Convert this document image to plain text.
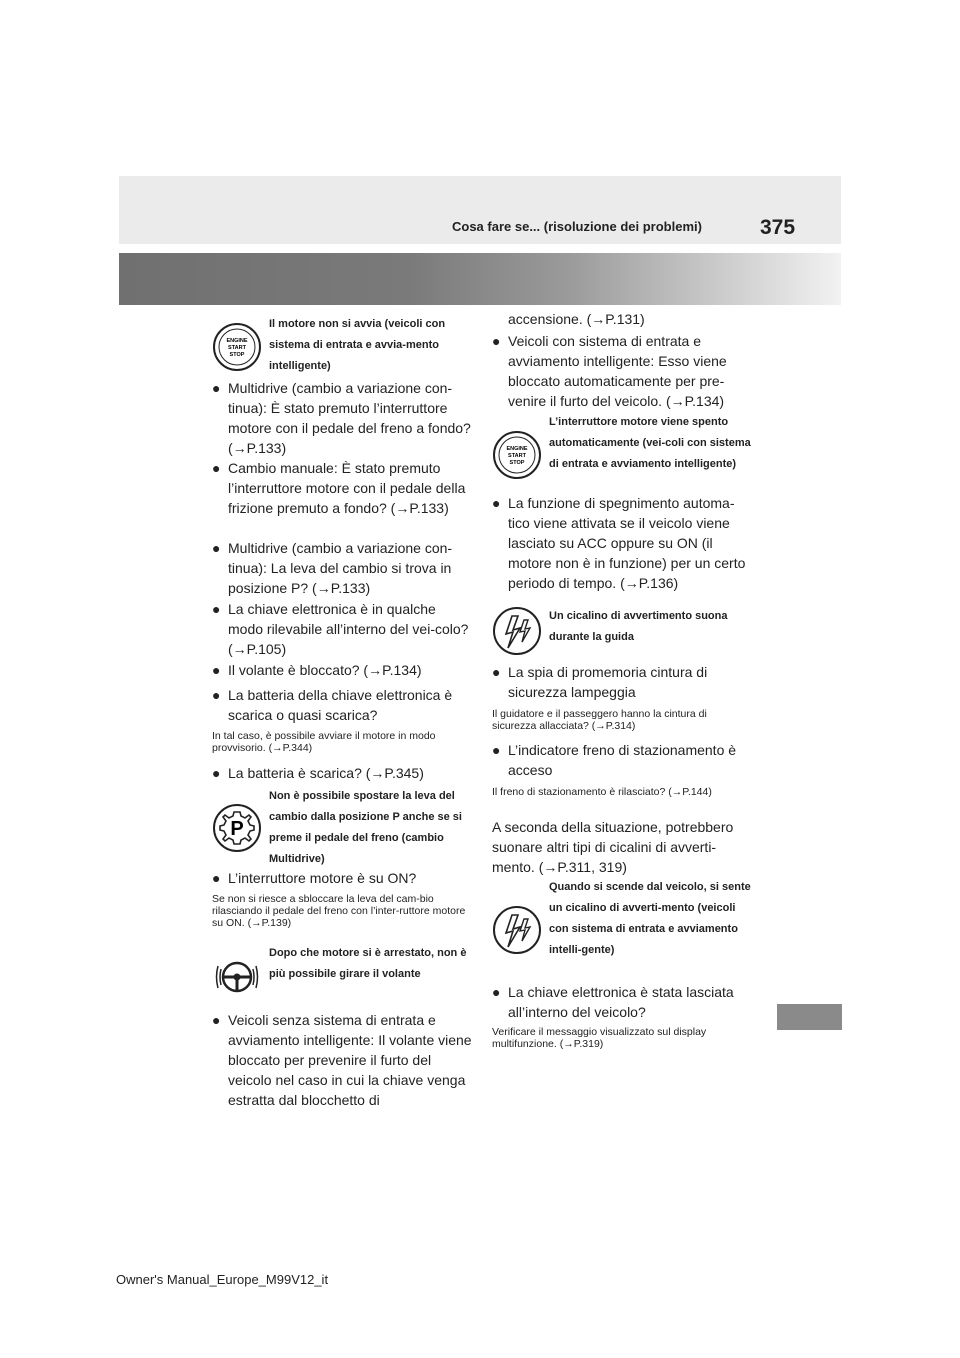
Cosa fare se... (risoluzione dei problemi)	375
ENGINE
START
STOP
Il motore non si avvia (veicoli con sistema di entrata e avvia-mento intelligente)
● Multidrive (cambio a variazione con-tinua): È stato premuto l’interruttore motore con il pedale del freno a fondo? (→P.133)
● Cambio manuale: È stato premuto l’interruttore motore con il pedale della frizione premuto a fondo? (→P.133)
● Multidrive (cambio a variazione con-tinua): La leva del cambio si trova in posizione P? (→P.133)
● La chiave elettronica è in qualche modo rilevabile all’interno del vei-colo? (→P.105)
● Il volante è bloccato? (→P.134)
● La batteria della chiave elettronica è scarica o quasi scarica?
In tal caso, è possibile avviare il motore in modo provvisorio. (→P.344)
● La batteria è scarica? (→P.345)
P
Non è possibile spostare la leva del cambio dalla posizione P anche se si preme il pedale del freno (cambio Multidrive)
● L’interruttore motore è su ON?
Se non si riesce a sbloccare la leva del cam-bio rilasciando il pedale del freno con l’inter-ruttore motore su ON. (→P.139)
Dopo che motore si è arrestato, non è più possibile girare il volante
● Veicoli senza sistema di entrata e avviamento intelligente: Il volante viene bloccato per prevenire il furto del veicolo nel caso in cui la chiave venga estratta dal blocchetto di
accensione. (→P.131)
● Veicoli con sistema di entrata e avviamento intelligente: Esso viene bloccato automaticamente per pre-venire il furto del veicolo. (→P.134)
ENGINE
START
STOP
L’interruttore motore viene spento automaticamente (vei-coli con sistema di entrata e avviamento intelligente)
● La funzione di spegnimento automa-tico viene attivata se il veicolo viene lasciato su ACC oppure su ON (il motore non è in funzione) per un certo periodo di tempo. (→P.136)
Un cicalino di avvertimento suona durante la guida
● La spia di promemoria cintura di sicurezza lampeggia
Il guidatore e il passeggero hanno la cintura di sicurezza allacciata? (→P.314)
● L’indicatore freno di stazionamento è acceso
Il freno di stazionamento è rilasciato? (→P.144)
A seconda della situazione, potrebbero suonare altri tipi di cicalini di avverti-mento. (→P.311, 319)
Quando si scende dal veicolo, si sente un cicalino di avverti-mento (veicoli con sistema di entrata e avviamento intelli-gente)
● La chiave elettronica è stata lasciata all’interno del veicolo?
Verificare il messaggio visualizzato sul display multifunzione. (→P.319)
Owner's Manual_Europe_M99V12_it
